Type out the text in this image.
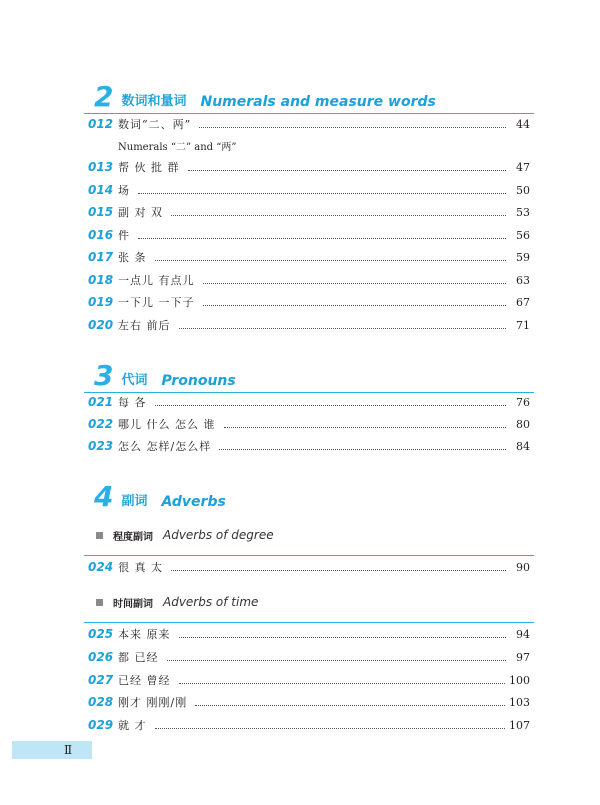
2 数词和量词 Numerals and measure words
012 数词“二、两”	44
Numerals “二” and “两”
013 帮 伙 批 群	47
014 场	50
015 副 对 双	53
016 件	56
017 张 条	59
018 一点儿 有点儿	63
019 一下儿 一下子	67
020 左右 前后	71
3 代词 Pronouns
021 每 各	76
022 哪儿 什么 怎么 谁	80
023 怎么 怎样/怎么样	84
4 副词 Adverbs
程度副词 Adverbs of degree
024 很 真 太	90
时间副词 Adverbs of time
025 本来 原来	94
026 都 已经	97
027 已经 曾经	100
028 刚才 刚刚/刚	103
029 就 才	107
Ⅱ
